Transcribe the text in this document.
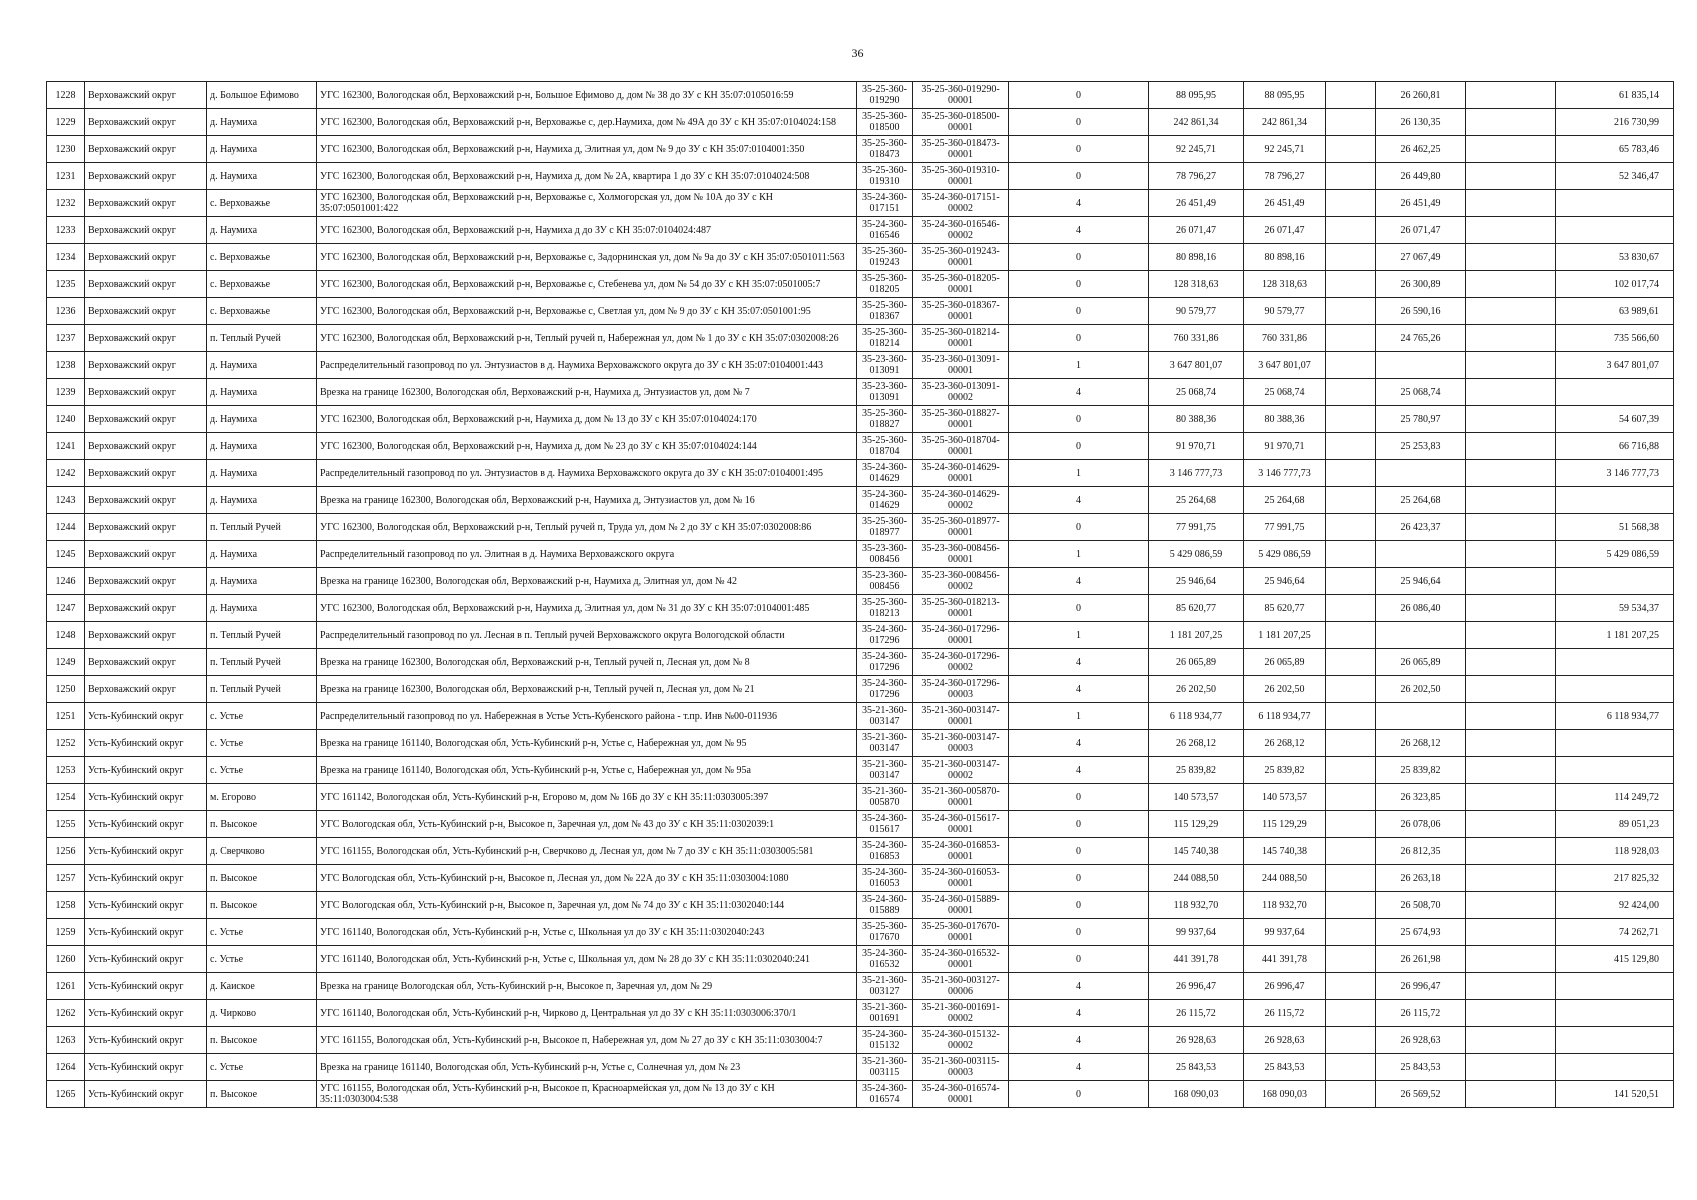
36
1228	Верховажский округ	д. Большое Ефимово	УГС 162300, Вологодская обл, Верховажский р-н, Большое Ефимово д, дом № 38 до ЗУ с КН 35:07:0105016:59	35-25-360-019290	35-25-360-019290-00001	0	88 095,95	88 095,95		26 260,81		61 835,14
1229	Верховажский округ	д. Наумиха	УГС 162300, Вологодская обл, Верховажский р-н, Верховажье с, дер.Наумиха, дом № 49А до ЗУ с КН 35:07:0104024:158	35-25-360-018500	35-25-360-018500-00001	0	242 861,34	242 861,34		26 130,35		216 730,99
1230	Верховажский округ	д. Наумиха	УГС 162300, Вологодская обл, Верховажский р-н, Наумиха д, Элитная ул, дом № 9 до ЗУ с КН 35:07:0104001:350	35-25-360-018473	35-25-360-018473-00001	0	92 245,71	92 245,71		26 462,25		65 783,46
1231	Верховажский округ	д. Наумиха	УГС 162300, Вологодская обл, Верховажский р-н, Наумиха д, дом № 2А, квартира 1 до ЗУ с КН 35:07:0104024:508	35-25-360-019310	35-25-360-019310-00001	0	78 796,27	78 796,27		26 449,80		52 346,47
1232	Верховажский округ	с. Верховажье	УГС 162300, Вологодская обл, Верховажский р-н, Верховажье с, Холмогорская ул, дом № 10А до ЗУ с КН 35:07:0501001:422	35-24-360-017151	35-24-360-017151-00002	4	26 451,49	26 451,49		26 451,49		
1233	Верховажский округ	д. Наумиха	УГС 162300, Вологодская обл, Верховажский р-н, Наумиха д до ЗУ с КН 35:07:0104024:487	35-24-360-016546	35-24-360-016546-00002	4	26 071,47	26 071,47		26 071,47		
1234	Верховажский округ	с. Верховажье	УГС 162300, Вологодская обл, Верховажский р-н, Верховажье с, Задорнинская ул, дом № 9а до ЗУ с КН 35:07:0501011:563	35-25-360-019243	35-25-360-019243-00001	0	80 898,16	80 898,16		27 067,49		53 830,67
1235	Верховажский округ	с. Верховажье	УГС 162300, Вологодская обл, Верховажский р-н, Верховажье с, Стебенева ул, дом № 54 до ЗУ с КН 35:07:0501005:7	35-25-360-018205	35-25-360-018205-00001	0	128 318,63	128 318,63		26 300,89		102 017,74
1236	Верховажский округ	с. Верховажье	УГС 162300, Вологодская обл, Верховажский р-н, Верховажье с, Светлая ул, дом № 9 до ЗУ с КН 35:07:0501001:95	35-25-360-018367	35-25-360-018367-00001	0	90 579,77	90 579,77		26 590,16		63 989,61
1237	Верховажский округ	п. Теплый Ручей	УГС 162300, Вологодская обл, Верховажский р-н, Теплый ручей п, Набережная ул, дом № 1 до ЗУ с КН 35:07:0302008:26	35-25-360-018214	35-25-360-018214-00001	0	760 331,86	760 331,86		24 765,26		735 566,60
1238	Верховажский округ	д. Наумиха	Распределительный газопровод по ул. Энтузиастов в д. Наумиха Верховажского округа до ЗУ с КН 35:07:0104001:443	35-23-360-013091	35-23-360-013091-00001	1	3 647 801,07	3 647 801,07				3 647 801,07
1239	Верховажский округ	д. Наумиха	Врезка на границе 162300, Вологодская обл, Верховажский р-н, Наумиха д, Энтузиастов ул, дом № 7	35-23-360-013091	35-23-360-013091-00002	4	25 068,74	25 068,74		25 068,74		
1240	Верховажский округ	д. Наумиха	УГС 162300, Вологодская обл, Верховажский р-н, Наумиха д, дом № 13 до ЗУ с КН 35:07:0104024:170	35-25-360-018827	35-25-360-018827-00001	0	80 388,36	80 388,36		25 780,97		54 607,39
1241	Верховажский округ	д. Наумиха	УГС 162300, Вологодская обл, Верховажский р-н, Наумиха д, дом № 23 до ЗУ с КН 35:07:0104024:144	35-25-360-018704	35-25-360-018704-00001	0	91 970,71	91 970,71		25 253,83		66 716,88
1242	Верховажский округ	д. Наумиха	Распределительный газопровод по ул. Энтузиастов в д. Наумиха Верховажского округа до ЗУ с КН 35:07:0104001:495	35-24-360-014629	35-24-360-014629-00001	1	3 146 777,73	3 146 777,73				3 146 777,73
1243	Верховажский округ	д. Наумиха	Врезка на границе 162300, Вологодская обл, Верховажский р-н, Наумиха д, Энтузиастов ул, дом № 16	35-24-360-014629	35-24-360-014629-00002	4	25 264,68	25 264,68		25 264,68		
1244	Верховажский округ	п. Теплый Ручей	УГС 162300, Вологодская обл, Верховажский р-н, Теплый ручей п, Труда ул, дом № 2 до ЗУ с КН 35:07:0302008:86	35-25-360-018977	35-25-360-018977-00001	0	77 991,75	77 991,75		26 423,37		51 568,38
1245	Верховажский округ	д. Наумиха	Распределительный газопровод по ул. Элитная в д. Наумиха Верховажского округа	35-23-360-008456	35-23-360-008456-00001	1	5 429 086,59	5 429 086,59				5 429 086,59
1246	Верховажский округ	д. Наумиха	Врезка на границе 162300, Вологодская обл, Верховажский р-н, Наумиха д, Элитная ул, дом № 42	35-23-360-008456	35-23-360-008456-00002	4	25 946,64	25 946,64		25 946,64		
1247	Верховажский округ	д. Наумиха	УГС 162300, Вологодская обл, Верховажский р-н, Наумиха д, Элитная ул, дом № 31 до ЗУ с КН 35:07:0104001:485	35-25-360-018213	35-25-360-018213-00001	0	85 620,77	85 620,77		26 086,40		59 534,37
1248	Верховажский округ	п. Теплый Ручей	Распределительный газопровод по ул. Лесная в п. Теплый ручей Верховажского округа Вологодской области	35-24-360-017296	35-24-360-017296-00001	1	1 181 207,25	1 181 207,25				1 181 207,25
1249	Верховажский округ	п. Теплый Ручей	Врезка на границе 162300, Вологодская обл, Верховажский р-н, Теплый ручей п, Лесная ул, дом № 8	35-24-360-017296	35-24-360-017296-00002	4	26 065,89	26 065,89		26 065,89		
1250	Верховажский округ	п. Теплый Ручей	Врезка на границе 162300, Вологодская обл, Верховажский р-н, Теплый ручей п, Лесная ул, дом № 21	35-24-360-017296	35-24-360-017296-00003	4	26 202,50	26 202,50		26 202,50		
1251	Усть-Кубинский округ	с. Устье	Распределительный газопровод по ул. Набережная в Устье Усть-Кубенского района - т.пр. Инв №00-011936	35-21-360-003147	35-21-360-003147-00001	1	6 118 934,77	6 118 934,77				6 118 934,77
1252	Усть-Кубинский округ	с. Устье	Врезка на границе 161140, Вологодская обл, Усть-Кубинский р-н, Устье с, Набережная ул, дом № 95	35-21-360-003147	35-21-360-003147-00003	4	26 268,12	26 268,12		26 268,12		
1253	Усть-Кубинский округ	с. Устье	Врезка на границе 161140, Вологодская обл, Усть-Кубинский р-н, Устье с, Набережная ул, дом № 95а	35-21-360-003147	35-21-360-003147-00002	4	25 839,82	25 839,82		25 839,82		
1254	Усть-Кубинский округ	м. Егорово	УГС 161142, Вологодская обл, Усть-Кубинский р-н, Егорово м, дом № 16Б до ЗУ с КН 35:11:0303005:397	35-21-360-005870	35-21-360-005870-00001	0	140 573,57	140 573,57		26 323,85		114 249,72
1255	Усть-Кубинский округ	п. Высокое	УГС Вологодская обл, Усть-Кубинский р-н, Высокое п, Заречная ул, дом № 43 до ЗУ с КН 35:11:0302039:1	35-24-360-015617	35-24-360-015617-00001	0	115 129,29	115 129,29		26 078,06		89 051,23
1256	Усть-Кубинский округ	д. Сверчково	УГС 161155, Вологодская обл, Усть-Кубинский р-н, Сверчково д, Лесная ул, дом № 7 до ЗУ с КН 35:11:0303005:581	35-24-360-016853	35-24-360-016853-00001	0	145 740,38	145 740,38		26 812,35		118 928,03
1257	Усть-Кубинский округ	п. Высокое	УГС Вологодская обл, Усть-Кубинский р-н, Высокое п, Лесная ул, дом № 22А до ЗУ с КН 35:11:0303004:1080	35-24-360-016053	35-24-360-016053-00001	0	244 088,50	244 088,50		26 263,18		217 825,32
1258	Усть-Кубинский округ	п. Высокое	УГС Вологодская обл, Усть-Кубинский р-н, Высокое п, Заречная ул, дом № 74 до ЗУ с КН 35:11:0302040:144	35-24-360-015889	35-24-360-015889-00001	0	118 932,70	118 932,70		26 508,70		92 424,00
1259	Усть-Кубинский округ	с. Устье	УГС 161140, Вологодская обл, Усть-Кубинский р-н, Устье с, Школьная ул до ЗУ с КН 35:11:0302040:243	35-25-360-017670	35-25-360-017670-00001	0	99 937,64	99 937,64		25 674,93		74 262,71
1260	Усть-Кубинский округ	с. Устье	УГС 161140, Вологодская обл, Усть-Кубинский р-н, Устье с, Школьная ул, дом № 28 до ЗУ с КН 35:11:0302040:241	35-24-360-016532	35-24-360-016532-00001	0	441 391,78	441 391,78		26 261,98		415 129,80
1261	Усть-Кубинский округ	д. Каиское	Врезка на границе Вологодская обл, Усть-Кубинский р-н, Высокое п, Заречная ул, дом № 29	35-21-360-003127	35-21-360-003127-00006	4	26 996,47	26 996,47		26 996,47		
1262	Усть-Кубинский округ	д. Чирково	УГС 161140, Вологодская обл, Усть-Кубинский р-н, Чирково д, Центральная ул до ЗУ с КН 35:11:0303006:370/1	35-21-360-001691	35-21-360-001691-00002	4	26 115,72	26 115,72		26 115,72		
1263	Усть-Кубинский округ	п. Высокое	УГС 161155, Вологодская обл, Усть-Кубинский р-н, Высокое п, Набережная ул, дом № 27 до ЗУ с КН 35:11:0303004:7	35-24-360-015132	35-24-360-015132-00002	4	26 928,63	26 928,63		26 928,63		
1264	Усть-Кубинский округ	с. Устье	Врезка на границе 161140, Вологодская обл, Усть-Кубинский р-н, Устье с, Солнечная ул, дом № 23	35-21-360-003115	35-21-360-003115-00003	4	25 843,53	25 843,53		25 843,53		
1265	Усть-Кубинский округ	п. Высокое	УГС 161155, Вологодская обл, Усть-Кубинский р-н, Высокое п, Красноармейская ул, дом № 13 до ЗУ с КН 35:11:0303004:538	35-24-360-016574	35-24-360-016574-00001	0	168 090,03	168 090,03		26 569,52		141 520,51
